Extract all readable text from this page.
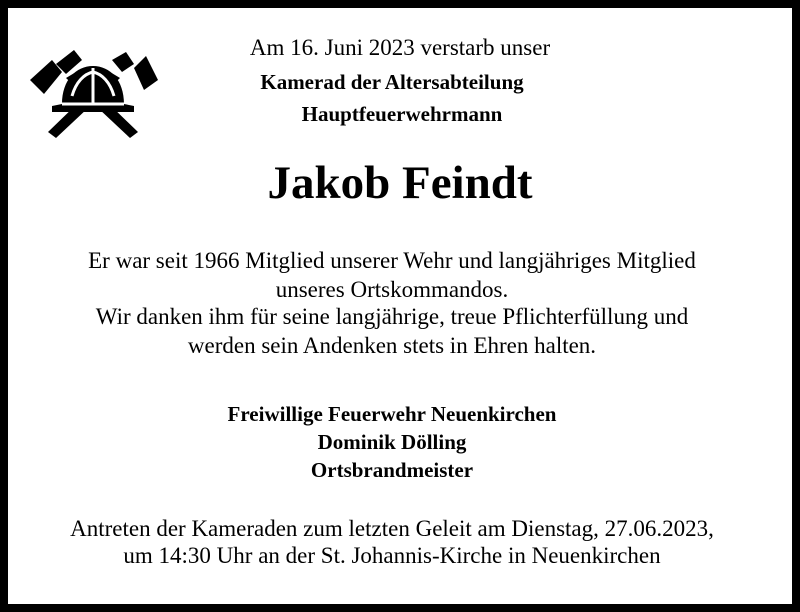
Am 16. Juni 2023 verstarb unser
Kamerad der Altersabteilung
Hauptfeuerwehrmann
Jakob Feindt
Er war seit 1966 Mitglied unserer Wehr und langjähriges Mitglied
unseres Ortskommandos.
Wir danken ihm für seine langjährige, treue Pflichterfüllung und
werden sein Andenken stets in Ehren halten.
Freiwillige Feuerwehr Neuenkirchen
Dominik Dölling
Ortsbrandmeister
Antreten der Kameraden zum letzten Geleit am Dienstag, 27.06.2023,
um 14:30 Uhr an der St. Johannis-Kirche in Neuenkirchen
